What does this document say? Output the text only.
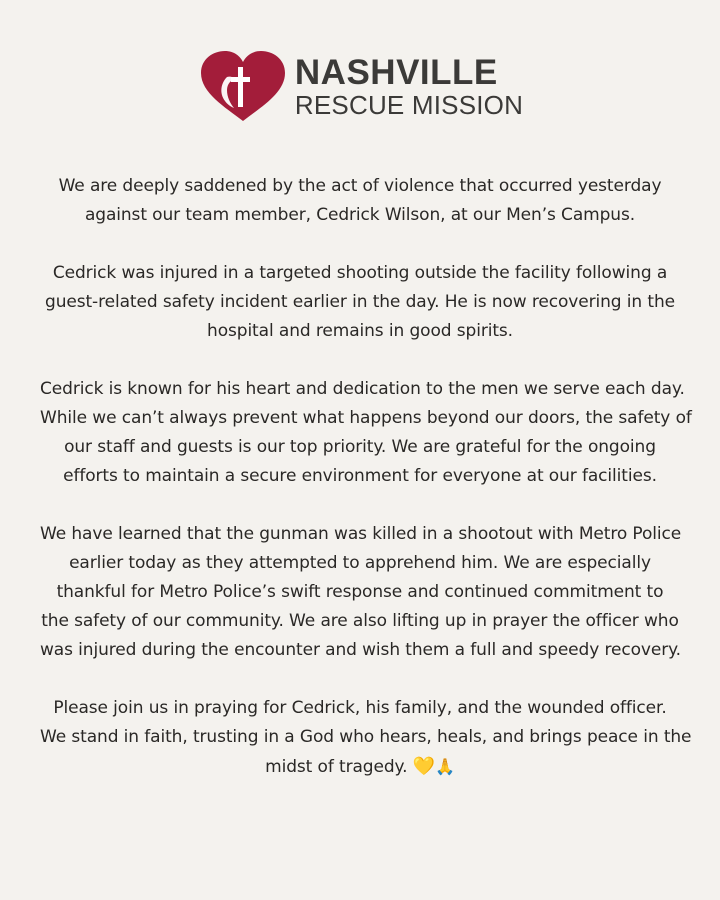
NASHVILLE
RESCUE MISSION

We are deeply saddened by the act of violence that occurred yesterday
against our team member, Cedrick Wilson, at our Men’s Campus.

Cedrick was injured in a targeted shooting outside the facility following a
guest-related safety incident earlier in the day. He is now recovering in the
hospital and remains in good spirits.

Cedrick is known for his heart and dedication to the men we serve each day.
While we can’t always prevent what happens beyond our doors, the safety of
our staff and guests is our top priority. We are grateful for the ongoing
efforts to maintain a secure environment for everyone at our facilities.

We have learned that the gunman was killed in a shootout with Metro Police
earlier today as they attempted to apprehend him. We are especially
thankful for Metro Police’s swift response and continued commitment to
the safety of our community. We are also lifting up in prayer the officer who
was injured during the encounter and wish them a full and speedy recovery.

Please join us in praying for Cedrick, his family, and the wounded officer.
We stand in faith, trusting in a God who hears, heals, and brings peace in the
midst of tragedy. 💛🙏
